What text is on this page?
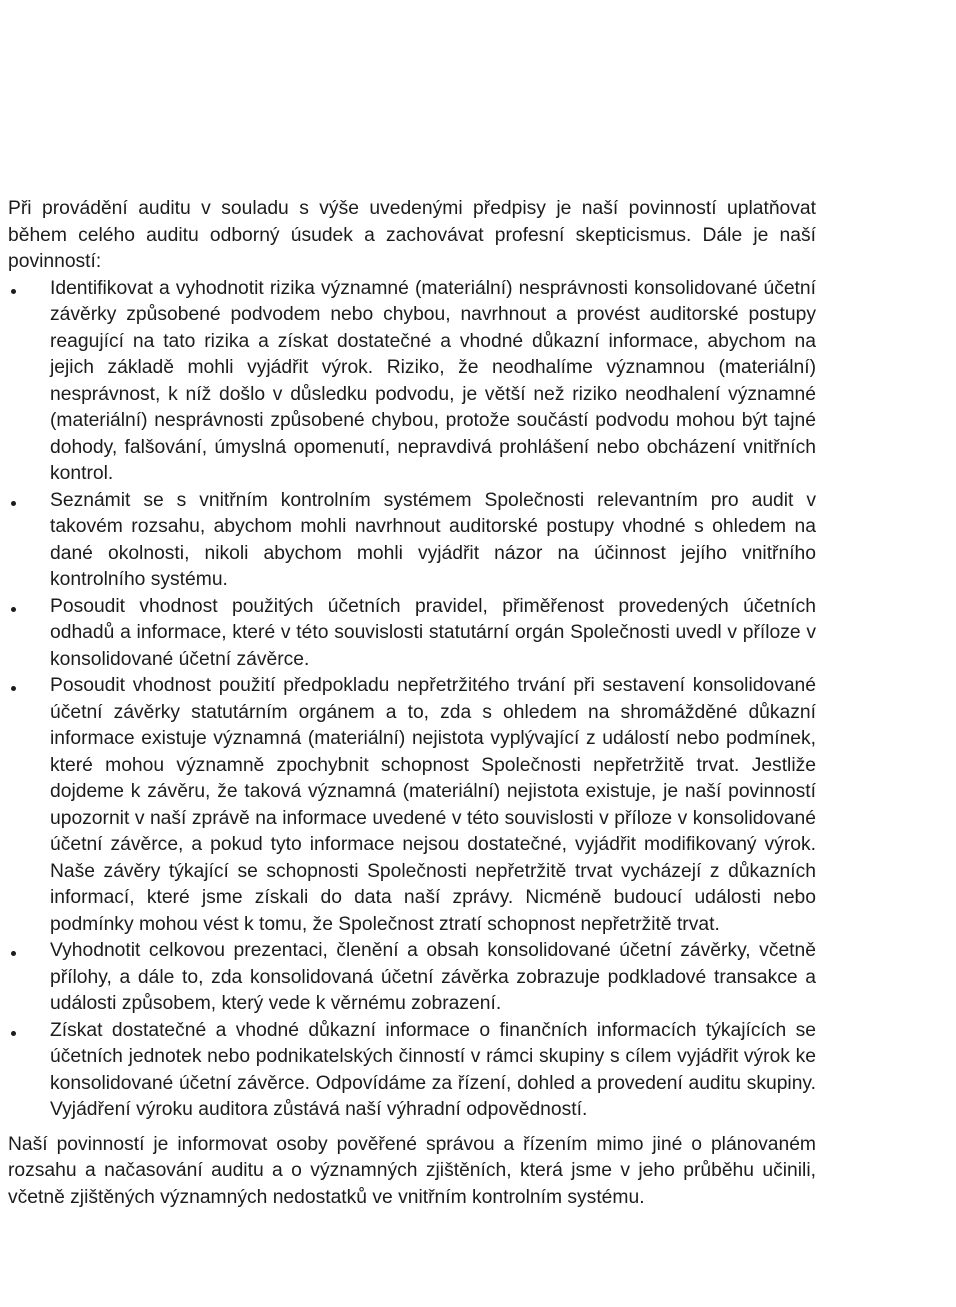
Při provádění auditu v souladu s výše uvedenými předpisy je naší povinností uplatňovat během celého auditu odborný úsudek a zachovávat profesní skepticismus. Dále je naší povinností:

Identifikovat a vyhodnotit rizika významné (materiální) nesprávnosti konsolidované účetní závěrky způsobené podvodem nebo chybou, navrhnout a provést auditorské postupy reagující na tato rizika a získat dostatečné a vhodné důkazní informace, abychom na jejich základě mohli vyjádřit výrok. Riziko, že neodhalíme významnou (materiální) nesprávnost, k níž došlo v důsledku podvodu, je větší než riziko neodhalení významné (materiální) nesprávnosti způsobené chybou, protože součástí podvodu mohou být tajné dohody, falšování, úmyslná opomenutí, nepravdivá prohlášení nebo obcházení vnitřních kontrol.
Seznámit se s vnitřním kontrolním systémem Společnosti relevantním pro audit v takovém rozsahu, abychom mohli navrhnout auditorské postupy vhodné s ohledem na dané okolnosti, nikoli abychom mohli vyjádřit názor na účinnost jejího vnitřního kontrolního systému.
Posoudit vhodnost použitých účetních pravidel, přiměřenost provedených účetních odhadů a informace, které v této souvislosti statutární orgán Společnosti uvedl v příloze v konsolidované účetní závěrce.
Posoudit vhodnost použití předpokladu nepřetržitého trvání při sestavení konsolidované účetní závěrky statutárním orgánem a to, zda s ohledem na shromážděné důkazní informace existuje významná (materiální) nejistota vyplývající z událostí nebo podmínek, které mohou významně zpochybnit schopnost Společnosti nepřetržitě trvat. Jestliže dojdeme k závěru, že taková významná (materiální) nejistota existuje, je naší povinností upozornit v naší zprávě na informace uvedené v této souvislosti v příloze v konsolidované účetní závěrce, a pokud tyto informace nejsou dostatečné, vyjádřit modifikovaný výrok. Naše závěry týkající se schopnosti Společnosti nepřetržitě trvat vycházejí z důkazních informací, které jsme získali do data naší zprávy. Nicméně budoucí události nebo podmínky mohou vést k tomu, že Společnost ztratí schopnost nepřetržitě trvat.
Vyhodnotit celkovou prezentaci, členění a obsah konsolidované účetní závěrky, včetně přílohy, a dále to, zda konsolidovaná účetní závěrka zobrazuje podkladové transakce a události způsobem, který vede k věrnému zobrazení.
Získat dostatečné a vhodné důkazní informace o finančních informacích týkajících se účetních jednotek nebo podnikatelských činností v rámci skupiny s cílem vyjádřit výrok ke konsolidované účetní závěrce. Odpovídáme za řízení, dohled a provedení auditu skupiny. Vyjádření výroku auditora zůstává naší výhradní odpovědností.

Naší povinností je informovat osoby pověřené správou a řízením mimo jiné o plánovaném rozsahu a načasování auditu a o významných zjištěních, která jsme v jeho průběhu učinili, včetně zjištěných významných nedostatků ve vnitřním kontrolním systému.
